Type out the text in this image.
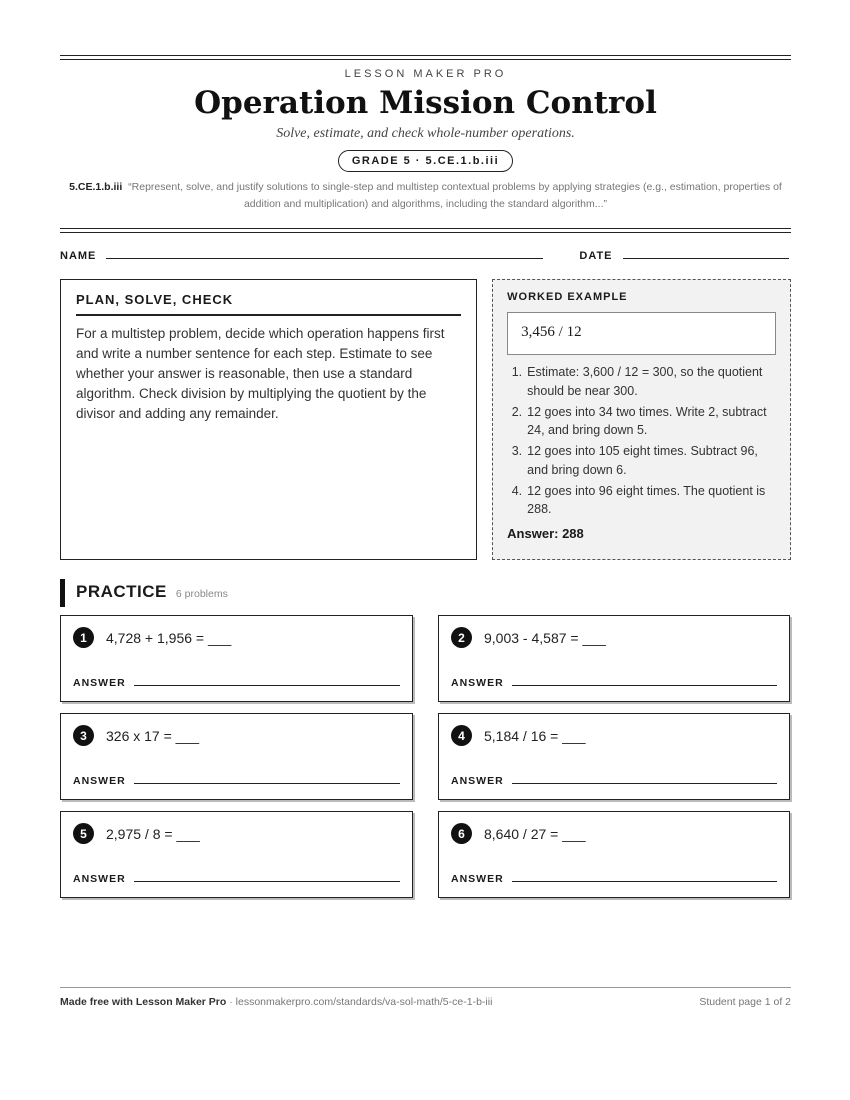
LESSON MAKER PRO
Operation Mission Control
Solve, estimate, and check whole-number operations.
GRADE 5 · 5.CE.1.b.iii
5.CE.1.b.iii “Represent, solve, and justify solutions to single-step and multistep contextual problems by applying strategies (e.g., estimation, properties of addition and multiplication) and algorithms, including the standard algorithm...”
NAME	DATE
PLAN, SOLVE, CHECK
For a multistep problem, decide which operation happens first and write a number sentence for each step. Estimate to see whether your answer is reasonable, then use a standard algorithm. Check division by multiplying the quotient by the divisor and adding any remainder.
WORKED EXAMPLE
3,456 / 12
1. Estimate: 3,600 / 12 = 300, so the quotient should be near 300.
2. 12 goes into 34 two times. Write 2, subtract 24, and bring down 5.
3. 12 goes into 105 eight times. Subtract 96, and bring down 6.
4. 12 goes into 96 eight times. The quotient is 288.
Answer: 288
PRACTICE 6 problems
1	4,728 + 1,956 = ___
ANSWER
2	9,003 - 4,587 = ___
ANSWER
3	326 x 17 = ___
ANSWER
4	5,184 / 16 = ___
ANSWER
5	2,975 / 8 = ___
ANSWER
6	8,640 / 27 = ___
ANSWER
Made free with Lesson Maker Pro · lessonmakerpro.com/standards/va-sol-math/5-ce-1-b-iii	Student page 1 of 2
